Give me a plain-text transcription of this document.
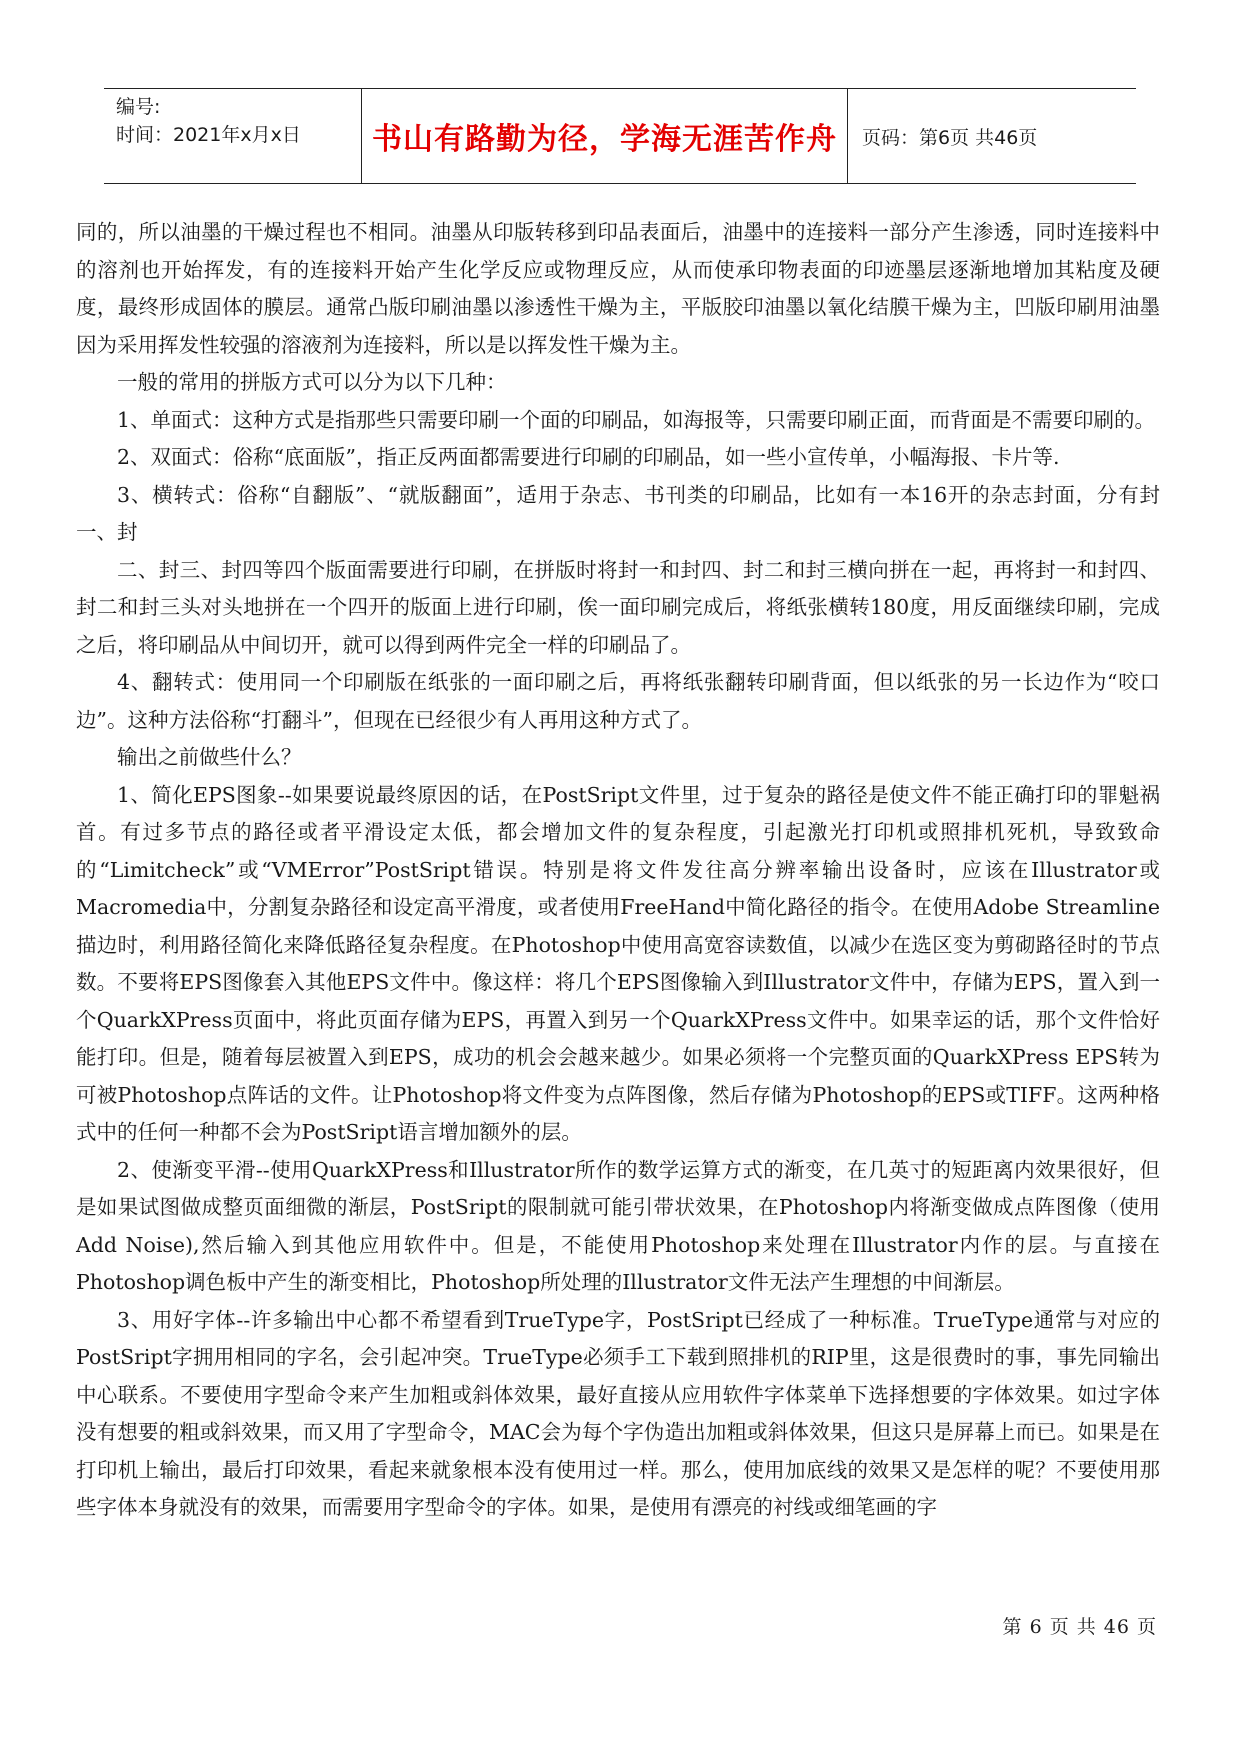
编号:
时间：2021年x月x日	书山有路勤为径，学海无涯苦作舟	页码：第6页 共46页

同的，所以油墨的干燥过程也不相同。油墨从印版转移到印品表面后，油墨中的连接料一部分产生渗透，同时连接料中的溶剂也开始挥发，有的连接料开始产生化学反应或物理反应，从而使承印物表面的印迹墨层逐渐地增加其粘度及硬度，最终形成固体的膜层。通常凸版印刷油墨以渗透性干燥为主，平版胶印油墨以氧化结膜干燥为主，凹版印刷用油墨因为采用挥发性较强的溶液剂为连接料，所以是以挥发性干燥为主。

一般的常用的拼版方式可以分为以下几种：

1、单面式：这种方式是指那些只需要印刷一个面的印刷品，如海报等，只需要印刷正面，而背面是不需要印刷的。

2、双面式：俗称“底面版”，指正反两面都需要进行印刷的印刷品，如一些小宣传单，小幅海报、卡片等.

3、横转式：俗称“自翻版”、“就版翻面”，适用于杂志、书刊类的印刷品，比如有一本16开的杂志封面，分有封一、封

二、封三、封四等四个版面需要进行印刷，在拼版时将封一和封四、封二和封三横向拼在一起，再将封一和封四、封二和封三头对头地拼在一个四开的版面上进行印刷，俟一面印刷完成后，将纸张横转180度，用反面继续印刷，完成之后，将印刷品从中间切开，就可以得到两件完全一样的印刷品了。

4、翻转式：使用同一个印刷版在纸张的一面印刷之后，再将纸张翻转印刷背面，但以纸张的另一长边作为“咬口边”。这种方法俗称“打翻斗”，但现在已经很少有人再用这种方式了。

输出之前做些什么？

1、简化EPS图象--如果要说最终原因的话，在PostSript文件里，过于复杂的路径是使文件不能正确打印的罪魁祸首。有过多节点的路径或者平滑设定太低，都会增加文件的复杂程度，引起激光打印机或照排机死机，导致致命的“Limitcheck”或“VMError”PostSript错误。特别是将文件发往高分辨率输出设备时，应该在Illustrator或Macromedia中，分割复杂路径和设定高平滑度，或者使用FreeHand中简化路径的指令。在使用Adobe Streamline描边时，利用路径简化来降低路径复杂程度。在Photoshop中使用高宽容读数值，以减少在选区变为剪砌路径时的节点数。不要将EPS图像套入其他EPS文件中。像这样：将几个EPS图像输入到Illustrator文件中，存储为EPS，置入到一个QuarkXPress页面中，将此页面存储为EPS，再置入到另一个QuarkXPress文件中。如果幸运的话，那个文件恰好能打印。但是，随着每层被置入到EPS，成功的机会会越来越少。如果必须将一个完整页面的QuarkXPress EPS转为可被Photoshop点阵话的文件。让Photoshop将文件变为点阵图像，然后存储为Photoshop的EPS或TIFF。这两种格式中的任何一种都不会为PostSript语言增加额外的层。

2、使渐变平滑--使用QuarkXPress和Illustrator所作的数学运算方式的渐变，在几英寸的短距离内效果很好，但是如果试图做成整页面细微的渐层，PostSript的限制就可能引带状效果，在Photoshop内将渐变做成点阵图像（使用Add Noise),然后输入到其他应用软件中。但是，不能使用Photoshop来处理在Illustrator内作的层。与直接在Photoshop调色板中产生的渐变相比，Photoshop所处理的Illustrator文件无法产生理想的中间渐层。

3、用好字体--许多输出中心都不希望看到TrueType字，PostSript已经成了一种标准。TrueType通常与对应的PostSript字拥用相同的字名，会引起冲突。TrueType必须手工下载到照排机的RIP里，这是很费时的事，事先同输出中心联系。不要使用字型命令来产生加粗或斜体效果，最好直接从应用软件字体菜单下选择想要的字体效果。如过字体没有想要的粗或斜效果，而又用了字型命令，MAC会为每个字伪造出加粗或斜体效果，但这只是屏幕上而已。如果是在打印机上输出，最后打印效果，看起来就象根本没有使用过一样。那么，使用加底线的效果又是怎样的呢？不要使用那些字体本身就没有的效果，而需要用字型命令的字体。如果，是使用有漂亮的衬线或细笔画的字

第 6 页 共 46 页
